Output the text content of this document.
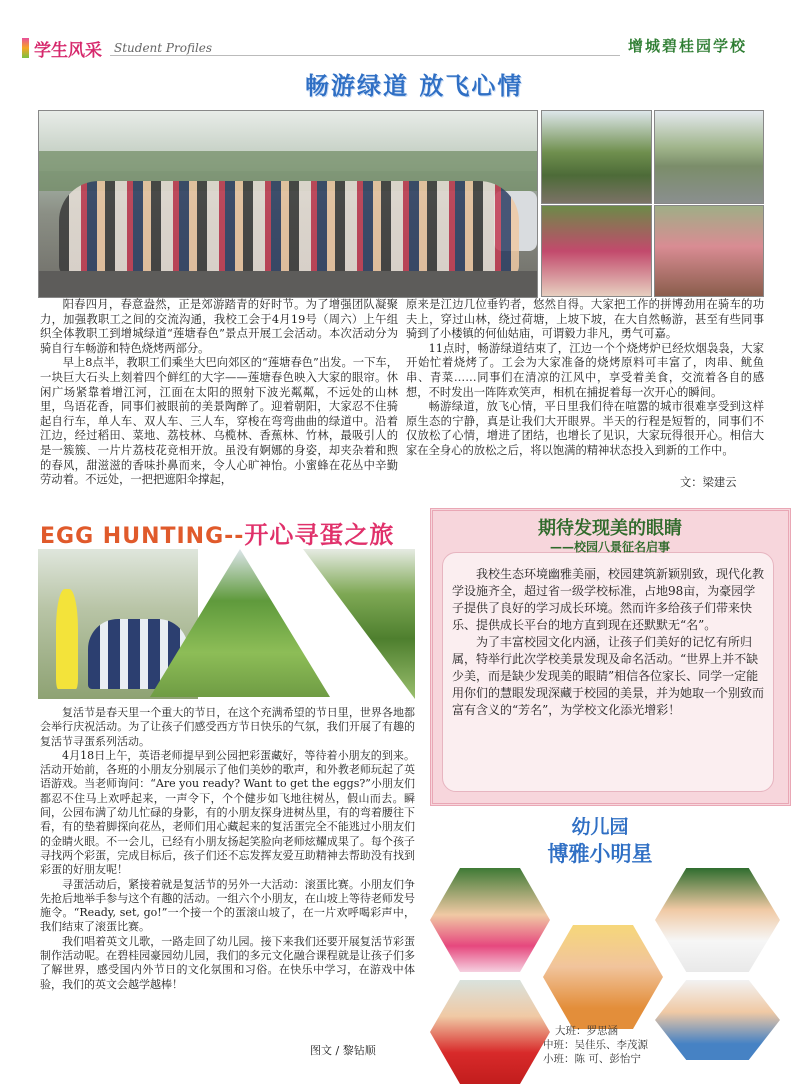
学生风采 Student Profiles	增城碧桂园学校
畅游绿道 放飞心情

阳春四月，春意盎然，正是郊游踏青的好时节。为了增强团队凝聚力，加强教职工之间的交流沟通，我校工会于4月19号（周六）上午组织全体教职工到增城绿道“莲塘春色”景点开展工会活动。本次活动分为骑自行车畅游和特色烧烤两部分。

早上8点半，教职工们乘坐大巴向郊区的“莲塘春色”出发。一下车，一块巨大石头上刻着四个鲜红的大字——莲塘春色映入大家的眼帘。休闲广场紧靠着增江河，江面在太阳的照射下波光粼粼，不远处的山林里，鸟语花香，同事们被眼前的美景陶醉了。迎着朝阳，大家忍不住骑起自行车，单人车、双人车、三人车，穿梭在弯弯曲曲的绿道中。沿着江边，经过稻田、菜地、荔枝林、乌榄林、香蕉林、竹林，最吸引人的是一簇簇、一片片荔枝花竞相开放。虽没有婀娜的身姿，却夹杂着和煦的春风，甜滋滋的香味扑鼻而来，令人心旷神怡。小蜜蜂在花丛中辛勤劳动着。不远处，一把把遮阳伞撑起，

原来是江边几位垂钓者，悠然自得。大家把工作的拼博劲用在骑车的功夫上，穿过山林，绕过荷塘，上坡下坡，在大自然畅游，甚至有些同事骑到了小楼镇的何仙姑庙，可谓毅力非凡，勇气可嘉。

11点时，畅游绿道结束了，江边一个个烧烤炉已经炊烟袅袅，大家开始忙着烧烤了。工会为大家准备的烧烤原料可丰富了，肉串、鱿鱼串、青菜……同事们在清凉的江风中，享受着美食，交流着各自的感想，不时发出一阵阵欢笑声，相机在捕捉着每一次开心的瞬间。

畅游绿道，放飞心情，平日里我们待在喧嚣的城市很难享受到这样原生态的宁静，真是让我们大开眼界。半天的行程是短暂的，同事们不仅放松了心情，增进了团结，也增长了见识，大家玩得很开心。相信大家在全身心的放松之后，将以饱满的精神状态投入到新的工作中。

文：梁建云
EGG HUNTING--开心寻蛋之旅

复活节是春天里一个重大的节日，在这个充满希望的节日里，世界各地都会举行庆祝活动。为了让孩子们感受西方节日快乐的气氛，我们开展了有趣的复活节寻蛋系列活动。

4月18日上午，英语老师提早到公园把彩蛋藏好，等待着小朋友的到来。活动开始前，各班的小朋友分别展示了他们美妙的歌声，和外教老师玩起了英语游戏。当老师询问：“Are you ready? Want to get the eggs?”小朋友们都忍不住马上欢呼起来，一声令下，个个健步如飞地往树丛，假山而去。瞬间，公园布满了幼儿忙碌的身影，有的小朋友探身进树丛里，有的弯着腰往下看，有的垫着脚探向花丛，老师们用心藏起来的复活蛋完全不能逃过小朋友们的金睛火眼。不一会儿，已经有小朋友扬起笑脸向老师炫耀成果了。每个孩子寻找两个彩蛋，完成目标后，孩子们还不忘发挥友爱互助精神去帮助没有找到彩蛋的好朋友呢！

寻蛋活动后，紧接着就是复活节的另外一大活动：滚蛋比赛。小朋友们争先抢后地举手参与这个有趣的活动。一组六个小朋友，在山坡上等待老师发号施令。“Ready, set, go!”一个接一个的蛋滚山坡了，在一片欢呼喝彩声中，我们结束了滚蛋比赛。

我们唱着英文儿歌，一路走回了幼儿园。接下来我们还要开展复活节彩蛋制作活动呢。在碧桂园豪园幼儿园，我们的多元文化融合课程就是让孩子们多了解世界，感受国内外节日的文化氛围和习俗。在快乐中学习，在游戏中体验，我们的英文会越学越棒！

图文 / 黎钻顺
期待发现美的眼睛
——校园八景征名启事

我校生态环境幽雅美丽，校园建筑新颖别致，现代化教学设施齐全，超过省一级学校标准，占地98亩，为豪园学子提供了良好的学习成长环境。然而许多给孩子们带来快乐、提供成长平台的地方直到现在还默默无“名”。

为了丰富校园文化内涵，让孩子们美好的记忆有所归属，特举行此次学校美景发现及命名活动。“世界上并不缺少美，而是缺少发现美的眼睛”相信各位家长、同学一定能用你们的慧眼发现深藏于校园的美景，并为她取一个别致而富有含义的“芳名”，为学校文化添光增彩！

幼儿园
博雅小明星
大班：罗思涵
中班：吴佳乐、李茂源
小班：陈 可、彭怡宁
